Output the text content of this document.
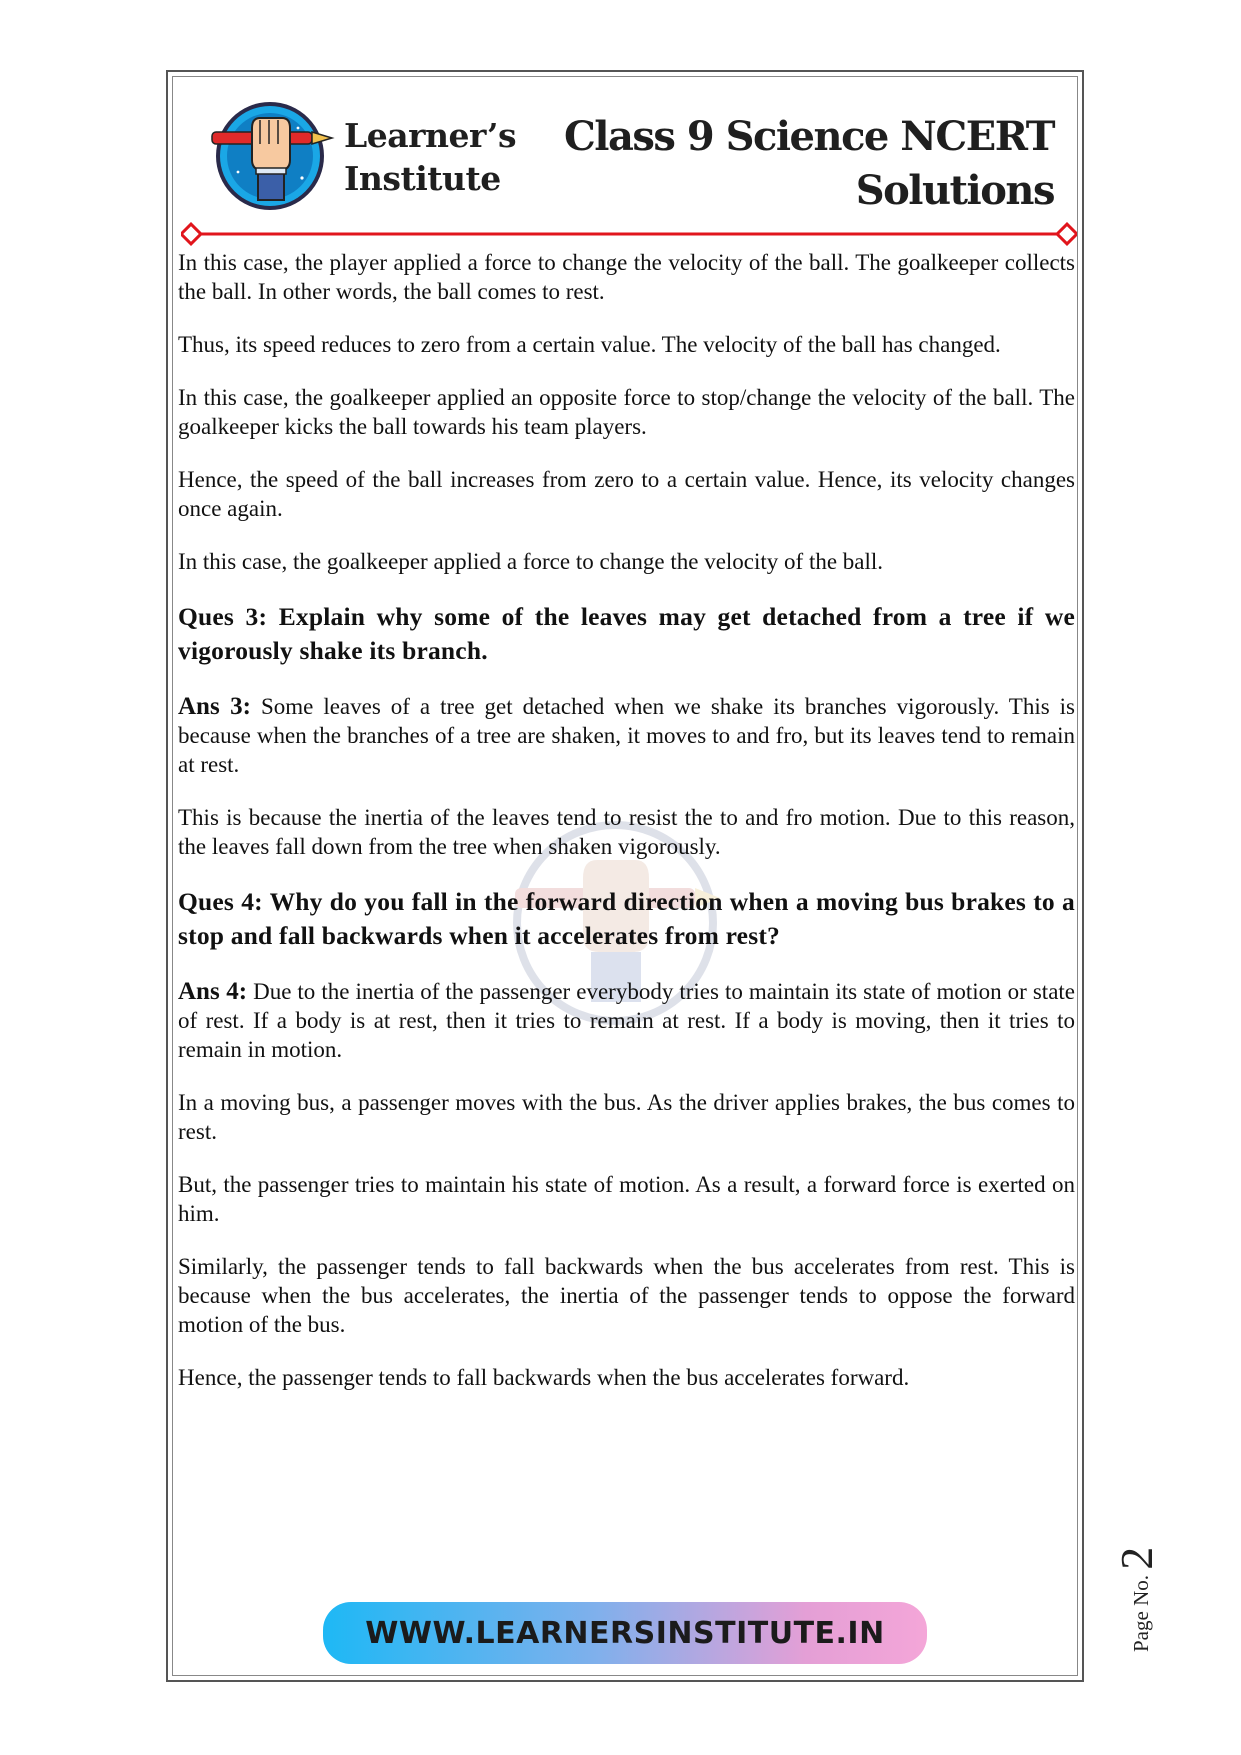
Learner’s
Institute
Class 9 Science NCERT
Solutions

In this case, the player applied a force to change the velocity of the ball. The goalkeeper collects the ball. In other words, the ball comes to rest.

Thus, its speed reduces to zero from a certain value. The velocity of the ball has changed.

In this case, the goalkeeper applied an opposite force to stop/change the velocity of the ball. The goalkeeper kicks the ball towards his team players.

Hence, the speed of the ball increases from zero to a certain value. Hence, its velocity changes once again.

In this case, the goalkeeper applied a force to change the velocity of the ball.

Ques 3: Explain why some of the leaves may get detached from a tree if we vigorously shake its branch.

Ans 3: Some leaves of a tree get detached when we shake its branches vigorously. This is because when the branches of a tree are shaken, it moves to and fro, but its leaves tend to remain at rest.

This is because the inertia of the leaves tend to resist the to and fro motion. Due to this reason, the leaves fall down from the tree when shaken vigorously.

Ques 4: Why do you fall in the forward direction when a moving bus brakes to a stop and fall backwards when it accelerates from rest?

Ans 4: Due to the inertia of the passenger everybody tries to maintain its state of motion or state of rest. If a body is at rest, then it tries to remain at rest. If a body is moving, then it tries to remain in motion.

In a moving bus, a passenger moves with the bus. As the driver applies brakes, the bus comes to rest.

But, the passenger tries to maintain his state of motion. As a result, a forward force is exerted on him.

Similarly, the passenger tends to fall backwards when the bus accelerates from rest. This is because when the bus accelerates, the inertia of the passenger tends to oppose the forward motion of the bus.

Hence, the passenger tends to fall backwards when the bus accelerates forward.

WWW.LEARNERSINSTITUTE.IN	Page No. 2
